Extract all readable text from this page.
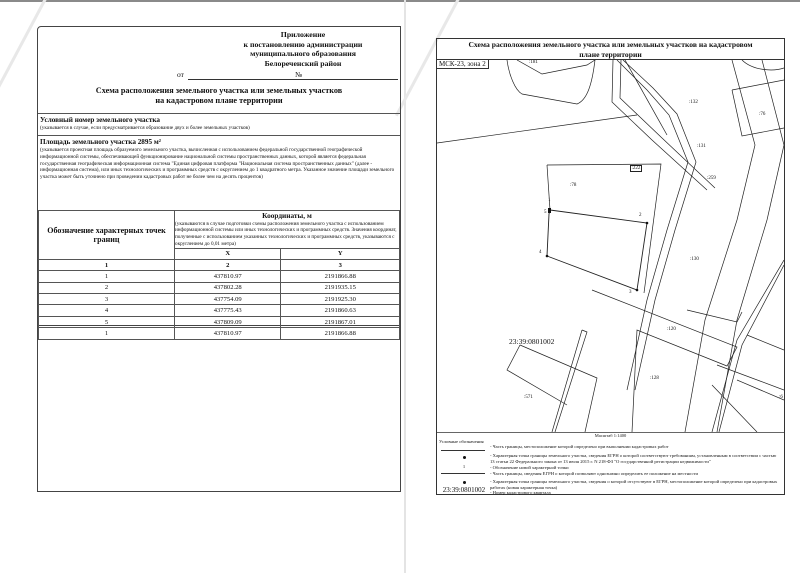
Приложение
к постановлению администрации
муниципального образования
Белореченский район
от	№
Схема расположения земельного участка или земельных участков
на кадастровом плане территории
Условный номер земельного участка

(указывается в случае, если предусматривается образование двух и более земельных участков)

Площадь земельного участка 2895 м²

(указывается проектная площадь образуемого земельного участка, вычисленная с использованием федеральной государственной географической информационной системы, обеспечивающей функционирование национальной системы пространственных данных, которой является федеральная государственная географическая информационная система "Единая цифровая платформа "Национальная система пространственных данных" (далее - информационная система), или иных технологических и программных средств с округлением до 1 квадратного метра. Указанное значение площади земельного участка может быть уточнено при проведении кадастровых работ не более чем на десять процентов)

Обозначение характерных точек границ	Координаты, м
(указываются в случае подготовки схемы расположения земельного участка с использованием информационной системы или иных технологических и программных средств. Значения координат, полученные с использованием указанных технологических и программных средств, указываются с округлением до 0,01 метра)	
	X	Y
1	2	3
1	437810.97	2191866.88
2	437802.28	2191935.15
3	437754.09	2191925.30
4	437775.43	2191860.63
5	437809.09	2191867.01
1	437810.97	2191866.88
Схема расположения земельного участка или земельных участков на кадастровом
плане территории
МСК-23, зона 2	:181
:132
:76
:131
:222
:78
:259
:130
:120
:128
:571	:6
1
2
3
4
5
23:39:0801002
Масштаб 1:1400
Условные обозначения
- Часть границы, местоположение которой определено при выполнении кадастровых работ
- Характерная точка границы земельного участка, сведения ЕГРН о которой соответствуют требованиям, установленным в соответствии с частью 13 статьи 22 Федерального закона от 13 июля 2015 г. N 218-ФЗ "О государственной регистрации недвижимости"
1	- Обозначение новой характерной точки
- Часть границы, сведения ЕГРН о которой позволяют однозначно определить ее положение на местности
- Характерная точка границы земельного участка, сведения о которой отсутствуют в ЕГРН, местоположение которой определено при кадастровых работах (новая характерная точка)
23:39:0801002	- Номер кадастрового квартала
